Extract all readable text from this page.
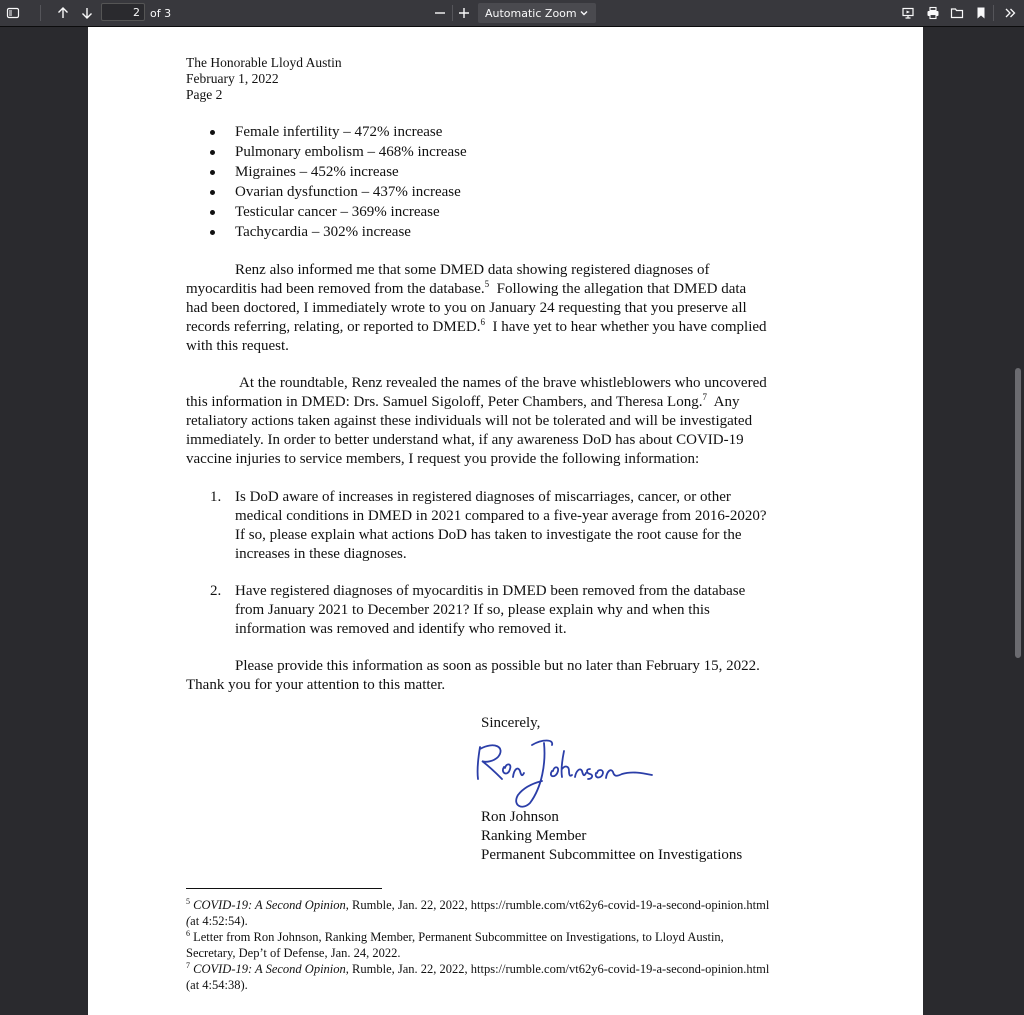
2
of 3	Automatic Zoom
The Honorable Lloyd Austin
February 1, 2022
Page 2
Female infertility – 472% increase
Pulmonary embolism – 468% increase
Migraines – 452% increase
Ovarian dysfunction – 437% increase
Testicular cancer – 369% increase
Tachycardia – 302% increase
Renz also informed me that some DMED data showing registered diagnoses of
myocarditis had been removed from the database.$^5$  Following the allegation that DMED data
had been doctored, I immediately wrote to you on January 24 requesting that you preserve all
records referring, relating, or reported to DMED.$^6$  I have yet to hear whether you have complied
with this request.
At the roundtable, Renz revealed the names of the brave whistleblowers who uncovered
this information in DMED: Drs. Samuel Sigoloff, Peter Chambers, and Theresa Long.$^7$  Any
retaliatory actions taken against these individuals will not be tolerated and will be investigated
immediately. In order to better understand what, if any awareness DoD has about COVID-19
vaccine injuries to service members, I request you provide the following information:
1. Is DoD aware of increases in registered diagnoses of miscarriages, cancer, or other
medical conditions in DMED in 2021 compared to a five-year average from 2016-2020?
If so, please explain what actions DoD has taken to investigate the root cause for the
increases in these diagnoses.
2. Have registered diagnoses of myocarditis in DMED been removed from the database
from January 2021 to December 2021? If so, please explain why and when this
information was removed and identify who removed it.
Please provide this information as soon as possible but no later than February 15, 2022.
Thank you for your attention to this matter.
Sincerely,
Ron Johnson
Ranking Member
Permanent Subcommittee on Investigations
$^5$ COVID-19: A Second Opinion, Rumble, Jan. 22, 2022, https://rumble.com/vt62y6-covid-19-a-second-opinion.html
(at 4:52:54).
$^6$ Letter from Ron Johnson, Ranking Member, Permanent Subcommittee on Investigations, to Lloyd Austin,
Secretary, Dep’t of Defense, Jan. 24, 2022.
$^7$ COVID-19: A Second Opinion, Rumble, Jan. 22, 2022, https://rumble.com/vt62y6-covid-19-a-second-opinion.html
(at 4:54:38).
